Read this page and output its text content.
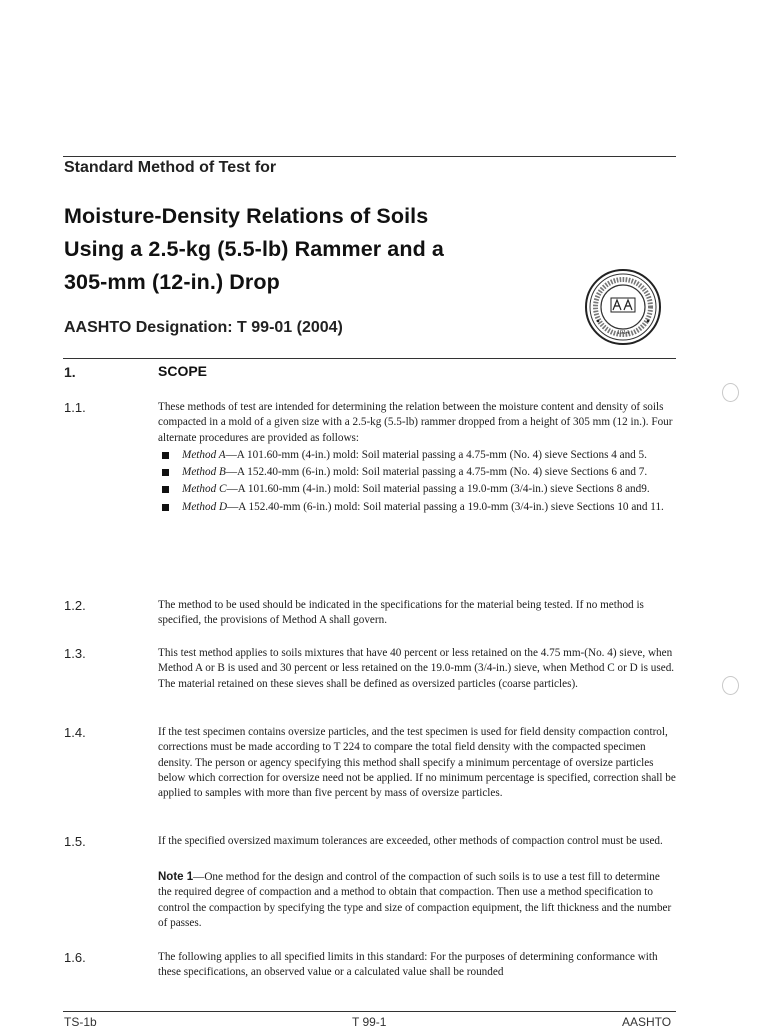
Standard Method of Test for
Moisture-Density Relations of Soils
Using a 2.5-kg (5.5-lb) Rammer and a
305-mm (12-in.) Drop
AASHTO Designation: T 99-01 (2004)	1914
1.	SCOPE
1.1.	These methods of test are intended for determining the relation between the moisture content and density of soils compacted in a mold of a given size with a 2.5-kg (5.5-lb) rammer dropped from a height of 305 mm (12 in.). Four alternate procedures are provided as follows:
Method A—A 101.60-mm (4-in.) mold: Soil material passing a 4.75-mm (No. 4) sieve Sections 4 and 5.
Method B—A 152.40-mm (6-in.) mold: Soil material passing a 4.75-mm (No. 4) sieve Sections 6 and 7.
Method C—A 101.60-mm (4-in.) mold: Soil material passing a 19.0-mm (3/4-in.) sieve Sections 8 and9.
Method D—A 152.40-mm (6-in.) mold: Soil material passing a 19.0-mm (3/4-in.) sieve Sections 10 and 11.
1.2.	The method to be used should be indicated in the specifications for the material being tested. If no method is specified, the provisions of Method A shall govern.
1.3.	This test method applies to soils mixtures that have 40 percent or less retained on the 4.75 mm-(No. 4) sieve, when Method A or B is used and 30 percent or less retained on the 19.0-mm (3/4-in.) sieve, when Method C or D is used. The material retained on these sieves shall be defined as oversized particles (coarse particles).
1.4.	If the test specimen contains oversize particles, and the test specimen is used for field density compaction control, corrections must be made according to T 224 to compare the total field density with the compacted specimen density. The person or agency specifying this method shall specify a minimum percentage of oversize particles below which correction for oversize need not be applied. If no minimum percentage is specified, correction shall be applied to samples with more than five percent by mass of oversize particles.
1.5.	If the specified oversized maximum tolerances are exceeded, other methods of compaction control must be used.
Note 1—One method for the design and control of the compaction of such soils is to use a test fill to determine the required degree of compaction and a method to obtain that compaction. Then use a method specification to control the compaction by specifying the type and size of compaction equipment, the lift thickness and the number of passes.
1.6.	The following applies to all specified limits in this standard: For the purposes of determining conformance with these specifications, an observed value or a calculated value shall be rounded
TS-1b	T 99-1	AASHTO
